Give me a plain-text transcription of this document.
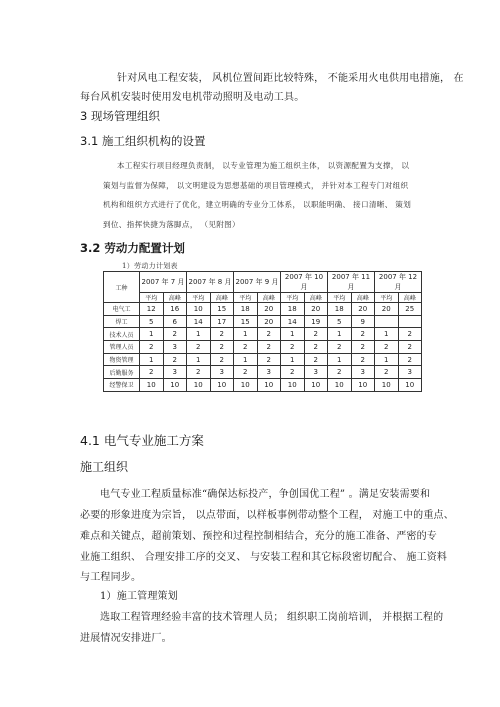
针对风电工程安装， 风机位置间距比较特殊， 不能采用火电供用电措施， 在
每台风机安装时使用发电机带动照明及电动工具。
3 现场管理组织
3.1 施工组织机构的设置
本工程实行项目经理负责制， 以专业管理为施工组织主体， 以资源配置为支撑， 以
策划与监督为保障， 以文明建设为思想基础的项目管理模式， 并针对本工程专门对组织
机构和组织方式进行了优化，建立明确的专业分工体系， 以职能明确、 接口清晰、 策划
到位、指挥快捷为落脚点， （见附图）
3.2 劳动力配置计划
1）劳动力计划表
工种	2007 年 7 月		2007 年 8 月		2007 年 9 月		2007 年 10 月		2007 年 11 月		2007 年 12 月	
	平均	高峰	平均	高峰	平均	高峰	平均	高峰	平均	高峰	平均	高峰
电气工	12	16	10	15	18	20	18	20	18	20	20	25
焊工	5	6	14	17	15	20	14	19	5	9		
技术人员	1	2	1	2	1	2	1	2	1	2	1	2
管理人员	2	3	2	2	2	2	2	2	2	2	2	2
物资管理	1	2	1	2	1	2	1	2	1	2	1	2
后勤服务	2	3	2	3	2	3	2	3	2	3	2	3
经警保卫	10	10	10	10	10	10	10	10	10	10	10	10
4.1 电气专业施工方案
施工组织
电气专业工程质量标准“确保达标投产，争创国优工程” 。满足安装需要和
必要的形象进度为宗旨， 以点带面，以样板事例带动整个工程， 对施工中的重点、
难点和关键点，超前策划、预控和过程控制相结合，充分的施工准备、严密的专
业施工组织、 合理安排工序的交叉、 与安装工程和其它标段密切配合、 施工资料
与工程同步。
1）施工管理策划
选取工程管理经验丰富的技术管理人员； 组织职工岗前培训， 并根据工程的
进展情况安排进厂。
